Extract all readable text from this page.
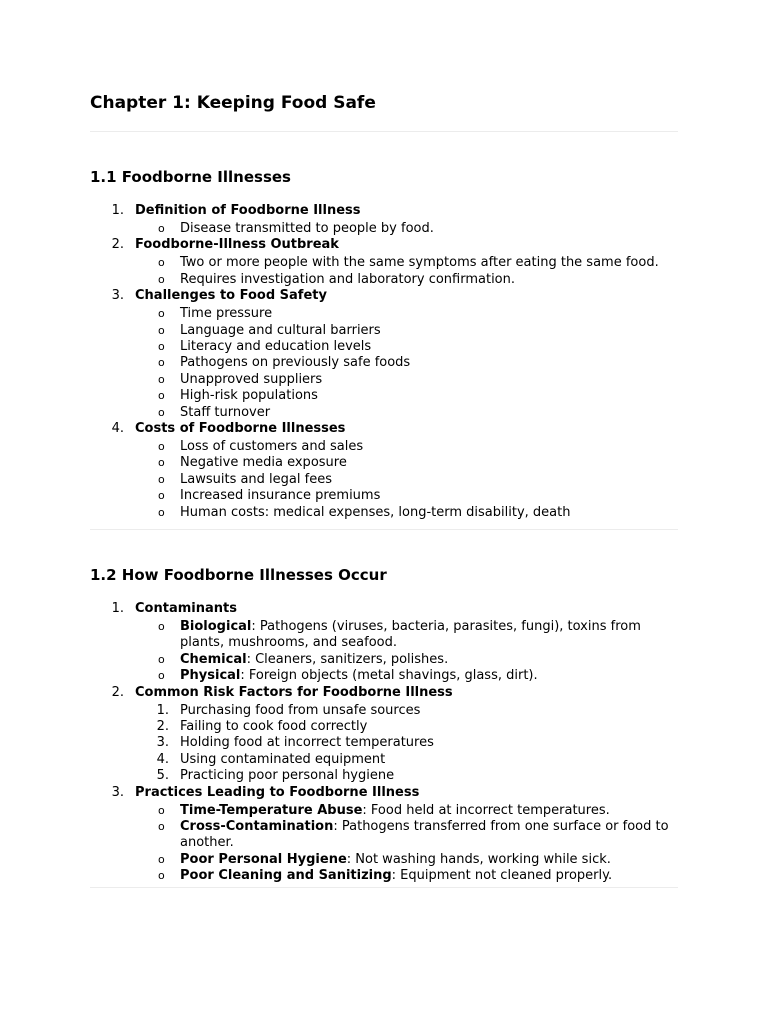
Chapter 1: Keeping Food Safe
1.1 Foodborne Illnesses
1. Definition of Foodborne Illness
o Disease transmitted to people by food.
2. Foodborne-Illness Outbreak
o Two or more people with the same symptoms after eating the same food.
o Requires investigation and laboratory confirmation.
3. Challenges to Food Safety
o Time pressure
o Language and cultural barriers
o Literacy and education levels
o Pathogens on previously safe foods
o Unapproved suppliers
o High-risk populations
o Staff turnover
4. Costs of Foodborne Illnesses
o Loss of customers and sales
o Negative media exposure
o Lawsuits and legal fees
o Increased insurance premiums
o Human costs: medical expenses, long-term disability, death
1.2 How Foodborne Illnesses Occur
1. Contaminants
o Biological: Pathogens (viruses, bacteria, parasites, fungi), toxins from plants, mushrooms, and seafood.
o Chemical: Cleaners, sanitizers, polishes.
o Physical: Foreign objects (metal shavings, glass, dirt).
2. Common Risk Factors for Foodborne Illness
1. Purchasing food from unsafe sources
2. Failing to cook food correctly
3. Holding food at incorrect temperatures
4. Using contaminated equipment
5. Practicing poor personal hygiene
3. Practices Leading to Foodborne Illness
o Time-Temperature Abuse: Food held at incorrect temperatures.
o Cross-Contamination: Pathogens transferred from one surface or food to another.
o Poor Personal Hygiene: Not washing hands, working while sick.
o Poor Cleaning and Sanitizing: Equipment not cleaned properly.
